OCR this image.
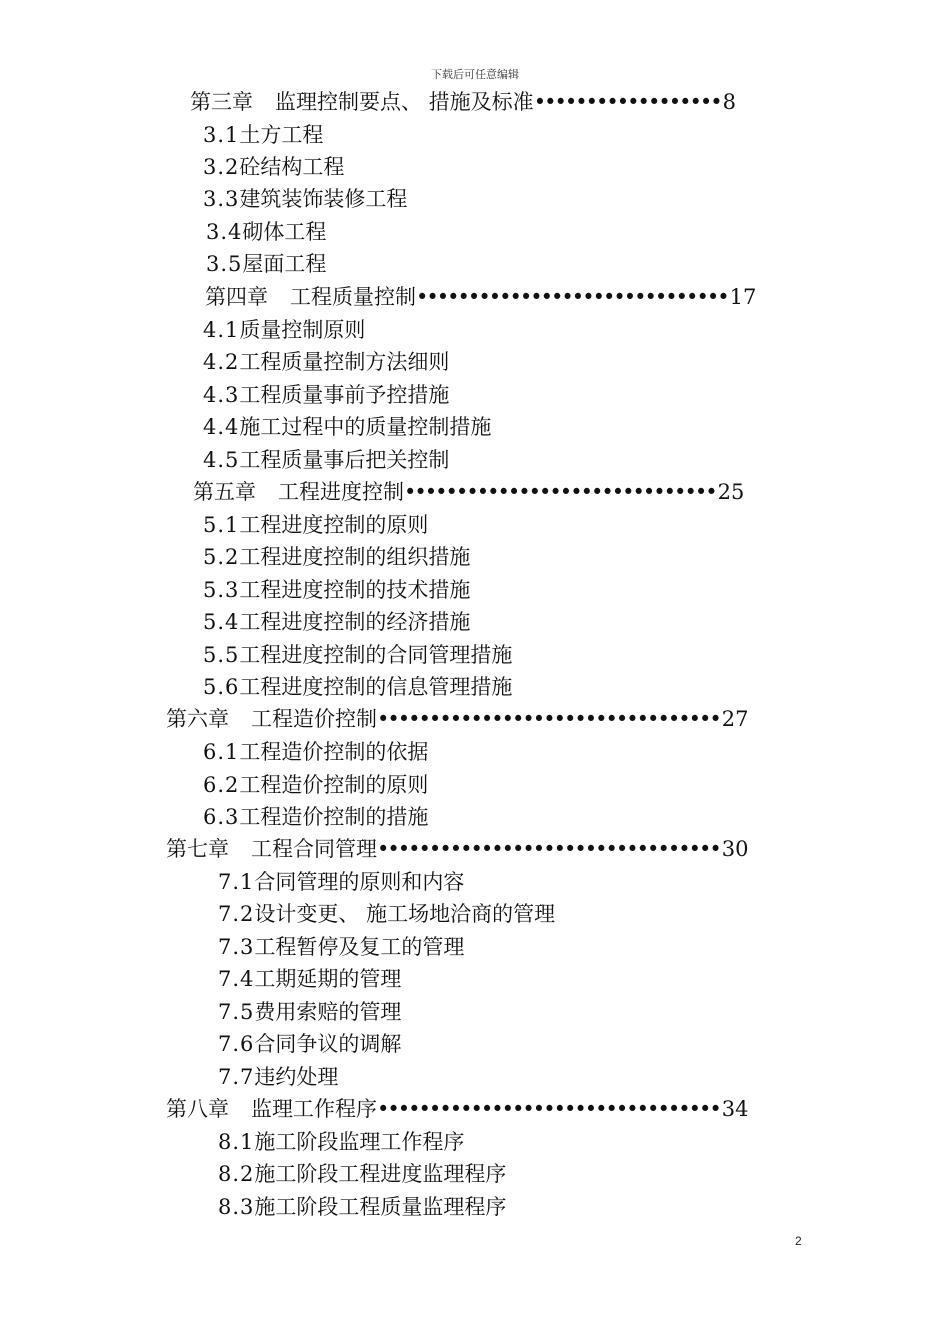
下载后可任意编辑
第三章 监理控制要点、 措施及标准••••••••••••••••••8
3.1土方工程
3.2砼结构工程
3.3建筑装饰装修工程
3.4砌体工程
3.5屋面工程
第四章 工程质量控制••••••••••••••••••••••••••••••17
4.1质量控制原则
4.2工程质量控制方法细则
4.3工程质量事前予控措施
4.4施工过程中的质量控制措施
4.5工程质量事后把关控制
第五章 工程进度控制••••••••••••••••••••••••••••••25
5.1工程进度控制的原则
5.2工程进度控制的组织措施
5.3工程进度控制的技术措施
5.4工程进度控制的经济措施
5.5工程进度控制的合同管理措施
5.6工程进度控制的信息管理措施
第六章 工程造价控制•••••••••••••••••••••••••••••••••27
6.1工程造价控制的依据
6.2工程造价控制的原则
6.3工程造价控制的措施
第七章 工程合同管理•••••••••••••••••••••••••••••••••30
7.1合同管理的原则和内容
7.2设计变更、 施工场地洽商的管理
7.3工程暂停及复工的管理
7.4工期延期的管理
7.5费用索赔的管理
7.6合同争议的调解
7.7违约处理
第八章 监理工作程序•••••••••••••••••••••••••••••••••34
8.1施工阶段监理工作程序
8.2施工阶段工程进度监理程序
8.3施工阶段工程质量监理程序
2
